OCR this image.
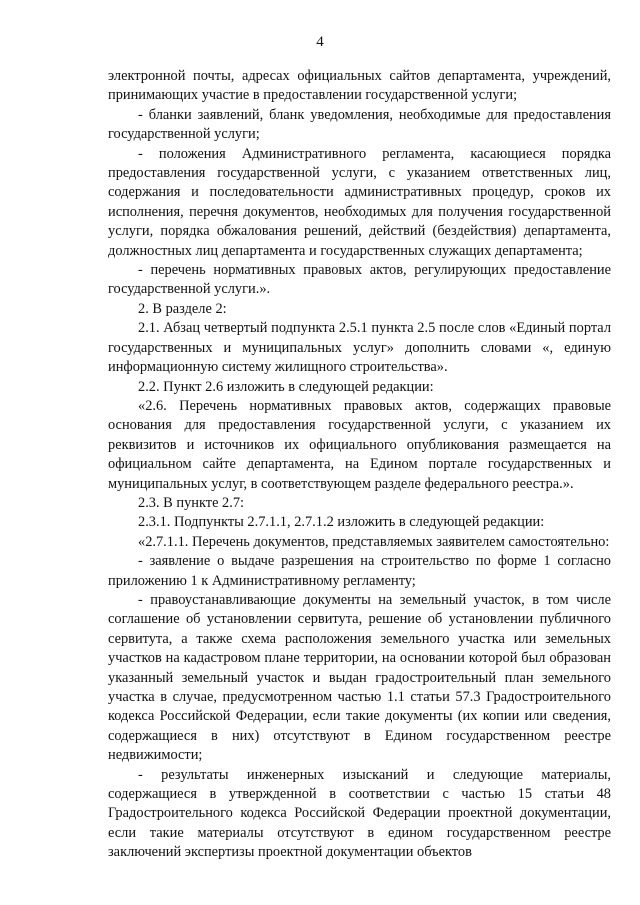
4

электронной почты, адресах официальных сайтов департамента, учреждений, принимающих участие в предоставлении государственной услуги;

- бланки заявлений, бланк уведомления, необходимые для предоставления государственной услуги;

- положения Административного регламента, касающиеся порядка предоставления государственной услуги, с указанием ответственных лиц, содержания и последовательности административных процедур, сроков их исполнения, перечня документов, необходимых для получения государственной услуги, порядка обжалования решений, действий (бездействия) департамента, должностных лиц департамента и государственных служащих департамента;

- перечень нормативных правовых актов, регулирующих предоставление государственной услуги.».

2. В разделе 2:

2.1. Абзац четвертый подпункта 2.5.1 пункта 2.5 после слов «Единый портал государственных и муниципальных услуг» дополнить словами «, единую информационную систему жилищного строительства».

2.2. Пункт 2.6 изложить в следующей редакции:

«2.6. Перечень нормативных правовых актов, содержащих правовые основания для предоставления государственной услуги, с указанием их реквизитов и источников их официального опубликования размещается на официальном сайте департамента, на Едином портале государственных и муниципальных услуг, в соответствующем разделе федерального реестра.».

2.3. В пункте 2.7:

2.3.1. Подпункты 2.7.1.1, 2.7.1.2 изложить в следующей редакции:

«2.7.1.1. Перечень документов, представляемых заявителем самостоятельно:

- заявление о выдаче разрешения на строительство по форме 1 согласно приложению 1 к Административному регламенту;

- правоустанавливающие документы на земельный участок, в том числе соглашение об установлении сервитута, решение об установлении публичного сервитута, а также схема расположения земельного участка или земельных участков на кадастровом плане территории, на основании которой был образован указанный земельный участок и выдан градостроительный план земельного участка в случае, предусмотренном частью 1.1 статьи 57.3 Градостроительного кодекса Российской Федерации, если такие документы (их копии или сведения, содержащиеся в них) отсутствуют в Едином государственном реестре недвижимости;

- результаты инженерных изысканий и следующие материалы, содержащиеся в утвержденной в соответствии с частью 15 статьи 48 Градостроительного кодекса Российской Федерации проектной документации, если такие материалы отсутствуют в едином государственном реестре заключений экспертизы проектной документации объектов
